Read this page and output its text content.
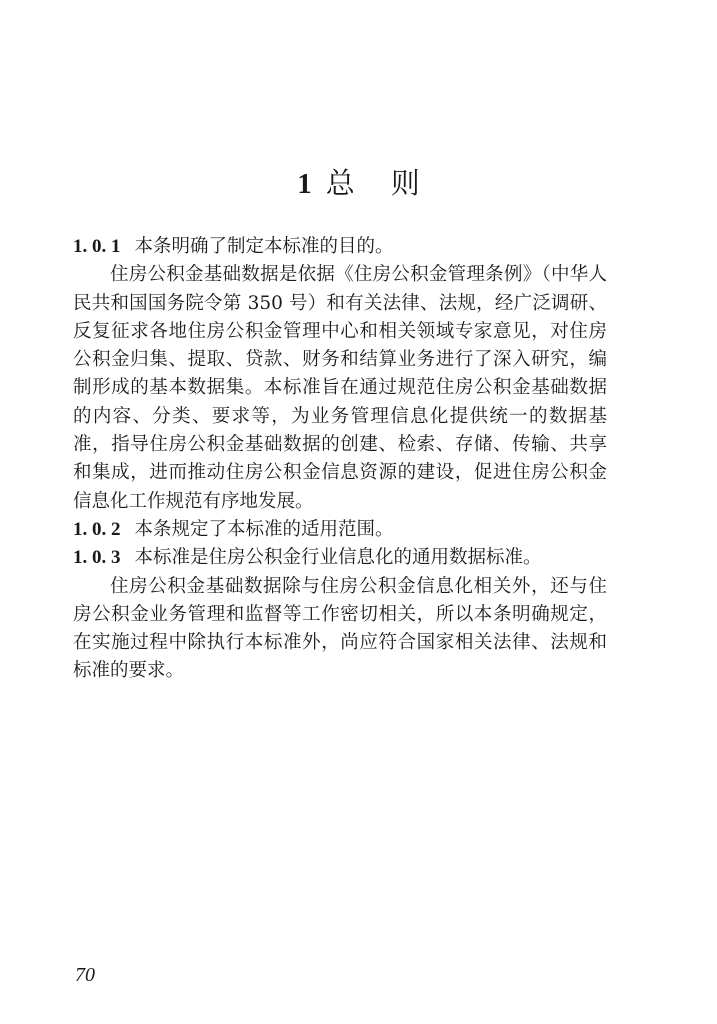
1 总则
1. 0. 1 本条明确了制定本标准的目的。

住房公积金基础数据是依据《住房公积金管理条例》（中华人民共和国国务院令第 350 号）和有关法律、法规，经广泛调研、反复征求各地住房公积金管理中心和相关领域专家意见，对住房公积金归集、提取、贷款、财务和结算业务进行了深入研究，编制形成的基本数据集。本标准旨在通过规范住房公积金基础数据的内容、分类、要求等，为业务管理信息化提供统一的数据基准，指导住房公积金基础数据的创建、检索、存储、传输、共享和集成，进而推动住房公积金信息资源的建设，促进住房公积金信息化工作规范有序地发展。

1. 0. 2 本条规定了本标准的适用范围。
1. 0. 3 本标准是住房公积金行业信息化的通用数据标准。

住房公积金基础数据除与住房公积金信息化相关外，还与住房公积金业务管理和监督等工作密切相关，所以本条明确规定，在实施过程中除执行本标准外，尚应符合国家相关法律、法规和标准的要求。

70
